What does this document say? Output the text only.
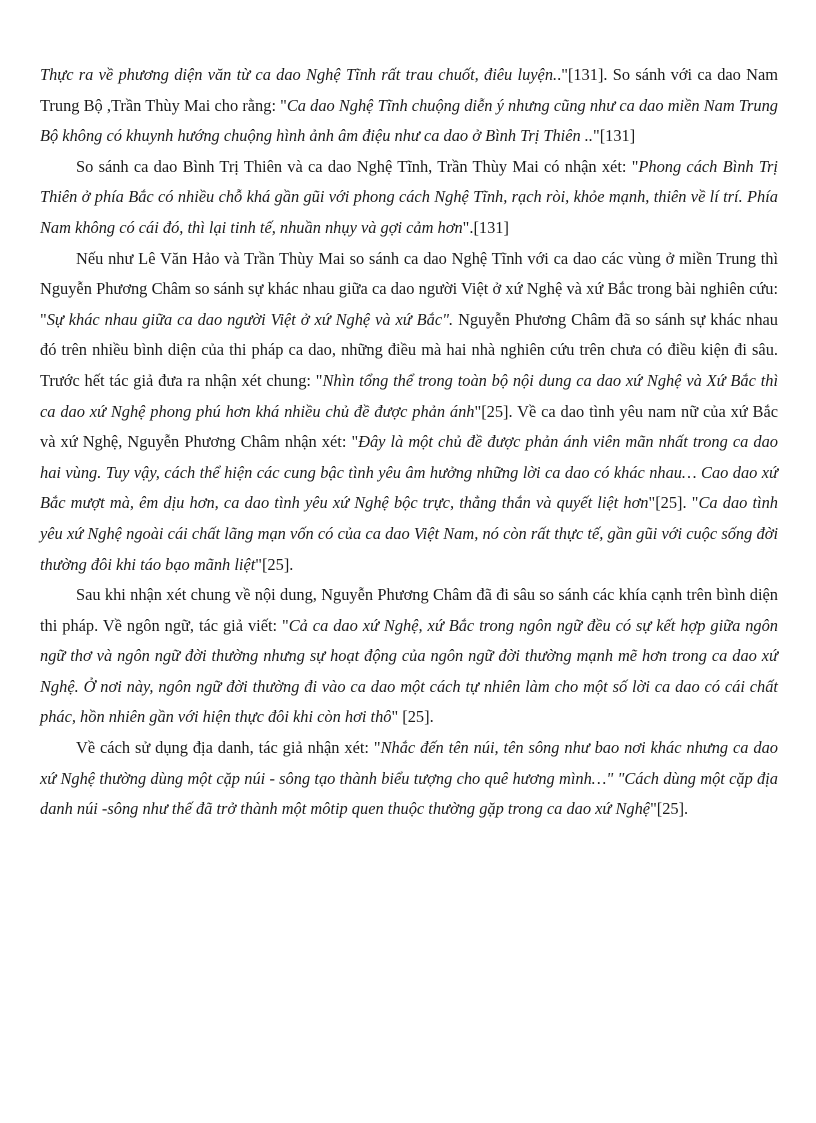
Thực ra về phương diện văn từ ca dao Nghệ Tĩnh rất trau chuốt, điêu luyện.."[131]. So sánh với ca dao Nam Trung Bộ ,Trần Thùy Mai cho rằng: "Ca dao Nghệ Tĩnh chuộng diễn ý nhưng cũng như ca dao miền Nam Trung Bộ không có khuynh hướng chuộng hình ảnh âm điệu như ca dao ở Bình Trị Thiên .."[131]

So sánh ca dao Bình Trị Thiên và ca dao Nghệ Tĩnh, Trần Thùy Mai có nhận xét: "Phong cách Bình Trị Thiên ở phía Bắc có nhiều chỗ khá gần gũi với phong cách Nghệ Tĩnh, rạch ròi, khỏe mạnh, thiên về lí trí. Phía Nam không có cái đó, thì lại tinh tế, nhuần nhụy và gợi cảm hơn".[131]

Nếu như Lê Văn Hảo và Trần Thùy Mai so sánh ca dao Nghệ Tĩnh với ca dao các vùng ở miền Trung thì Nguyễn Phương Châm so sánh sự khác nhau giữa ca dao người Việt ở xứ Nghệ và xứ Bắc trong bài nghiên cứu: "Sự khác nhau giữa ca dao người Việt ở xứ Nghệ và xứ Bắc". Nguyễn Phương Châm đã so sánh sự khác nhau đó trên nhiều bình diện của thi pháp ca dao, những điều mà hai nhà nghiên cứu trên chưa có điều kiện đi sâu. Trước hết tác giả đưa ra nhận xét chung: "Nhìn tổng thể trong toàn bộ nội dung ca dao xứ Nghệ và Xứ Bắc thì ca dao xứ Nghệ phong phú hơn khá nhiều chủ đề được phản ánh"[25]. Về ca dao tình yêu nam nữ của xứ Bắc và xứ Nghệ, Nguyễn Phương Châm nhận xét: "Đây là một chủ đề được phản ánh viên mãn nhất trong ca dao hai vùng. Tuy vậy, cách thể hiện các cung bậc tình yêu âm hưởng những lời ca dao có khác nhau… Cao dao xứ Bắc mượt mà, êm dịu hơn, ca dao tình yêu xứ Nghệ bộc trực, thẳng thắn và quyết liệt hơn"[25]. "Ca dao tình yêu xứ Nghệ ngoài cái chất lãng mạn vốn có của ca dao Việt Nam, nó còn rất thực tế, gần gũi với cuộc sống đời thường đôi khi táo bạo mãnh liệt"[25].

Sau khi nhận xét chung về nội dung, Nguyễn Phương Châm đã đi sâu so sánh các khía cạnh trên bình diện thi pháp. Về ngôn ngữ, tác giả viết: "Cả ca dao xứ Nghệ, xứ Bắc trong ngôn ngữ đều có sự kết hợp giữa ngôn ngữ thơ và ngôn ngữ đời thường nhưng sự hoạt động của ngôn ngữ đời thường mạnh mẽ hơn trong ca dao xứ Nghệ. Ở nơi này, ngôn ngữ đời thường đi vào ca dao một cách tự nhiên làm cho một số lời ca dao có cái chất phác, hồn nhiên gần với hiện thực đôi khi còn hơi thô" [25].

Về cách sử dụng địa danh, tác giả nhận xét: "Nhắc đến tên núi, tên sông như bao nơi khác nhưng ca dao xứ Nghệ thường dùng một cặp núi - sông tạo thành biểu tượng cho quê hương mình…" "Cách dùng một cặp địa danh núi -sông như thế đã trở thành một môtip quen thuộc thường gặp trong ca dao xứ Nghệ"[25].
